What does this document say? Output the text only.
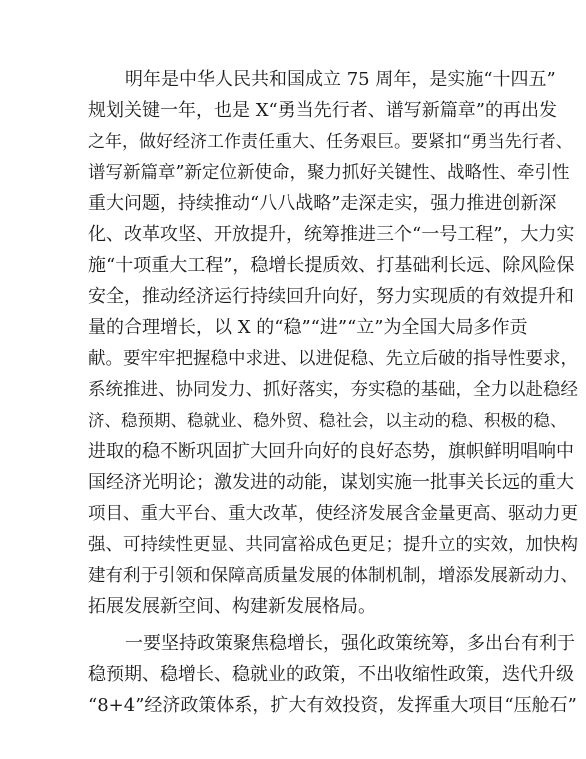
明年是中华人民共和国成立 75 周年，是实施“十四五”
规划关键一年，也是 X“勇当先行者、谱写新篇章”的再出发
之年，做好经济工作责任重大、任务艰巨。要紧扣“勇当先行者、
谱写新篇章”新定位新使命，聚力抓好关键性、战略性、牵引性
重大问题，持续推动“八八战略”走深走实，强力推进创新深
化、改革攻坚、开放提升，统筹推进三个“一号工程”，大力实
施“十项重大工程”，稳增长提质效、打基础利长远、除风险保
安全，推动经济运行持续回升向好，努力实现质的有效提升和
量的合理增长，以 X 的“稳”“进”“立”为全国大局多作贡
献。要牢牢把握稳中求进、以进促稳、先立后破的指导性要求，
系统推进、协同发力、抓好落实，夯实稳的基础，全力以赴稳经
济、稳预期、稳就业、稳外贸、稳社会，以主动的稳、积极的稳、
进取的稳不断巩固扩大回升向好的良好态势，旗帜鲜明唱响中
国经济光明论；激发进的动能，谋划实施一批事关长远的重大
项目、重大平台、重大改革，使经济发展含金量更高、驱动力更
强、可持续性更显、共同富裕成色更足；提升立的实效，加快构
建有利于引领和保障高质量发展的体制机制，增添发展新动力、
拓展发展新空间、构建新发展格局。
一要坚持政策聚焦稳增长，强化政策统筹，多出台有利于
稳预期、稳增长、稳就业的政策，不出收缩性政策，迭代升级
“8+4”经济政策体系，扩大有效投资，发挥重大项目“压舱石”
